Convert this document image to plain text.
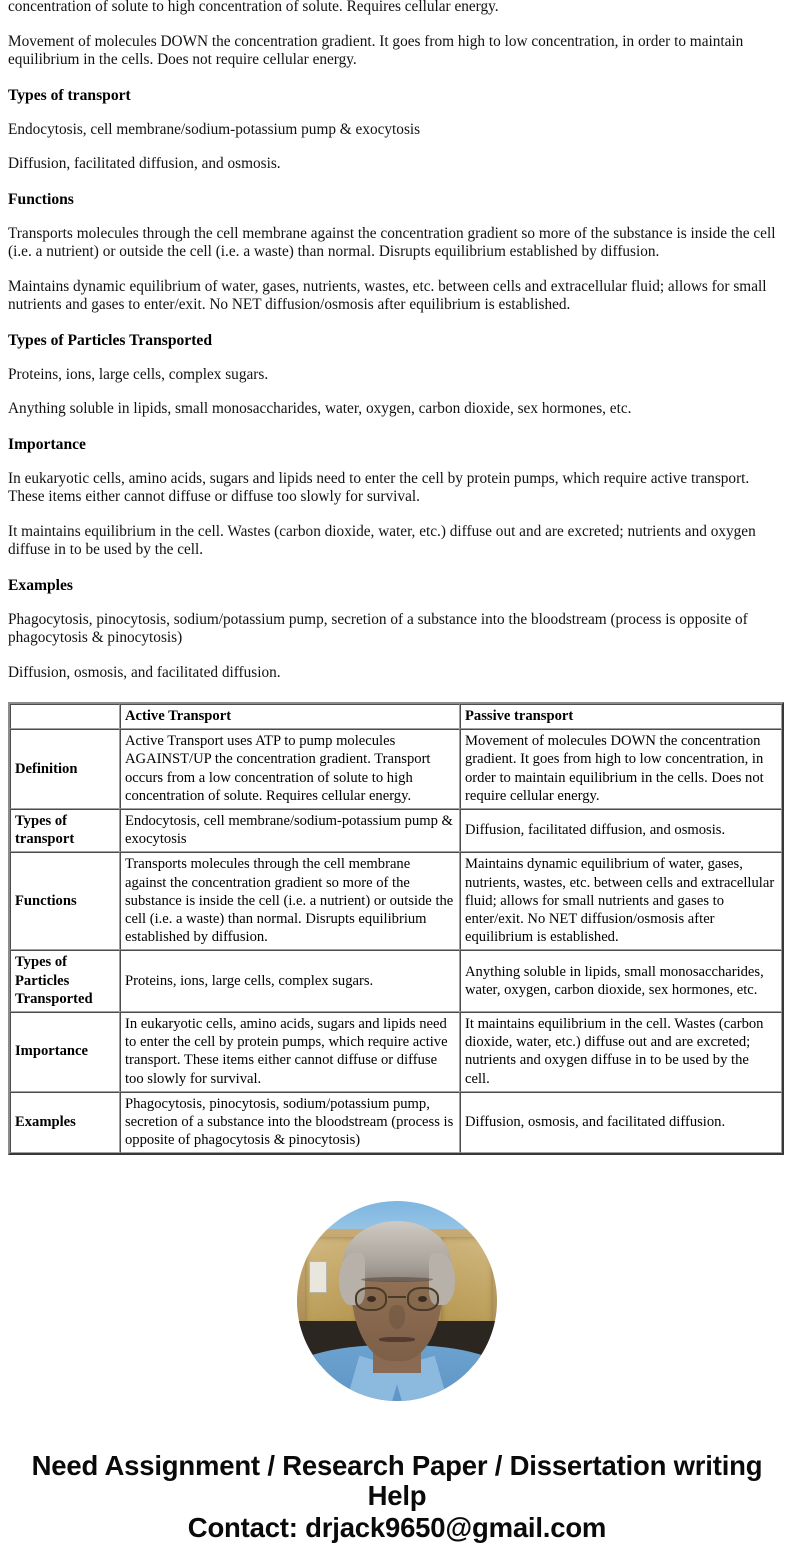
concentration of solute to high concentration of solute. Requires cellular energy.

Movement of molecules DOWN the concentration gradient. It goes from high to low concentration, in order to maintain equilibrium in the cells. Does not require cellular energy.

Types of transport

Endocytosis, cell membrane/sodium-potassium pump & exocytosis

Diffusion, facilitated diffusion, and osmosis.

Functions

Transports molecules through the cell membrane against the concentration gradient so more of the substance is inside the cell (i.e. a nutrient) or outside the cell (i.e. a waste) than normal. Disrupts equilibrium established by diffusion.

Maintains dynamic equilibrium of water, gases, nutrients, wastes, etc. between cells and extracellular fluid; allows for small nutrients and gases to enter/exit. No NET diffusion/osmosis after equilibrium is established.

Types of Particles Transported

Proteins, ions, large cells, complex sugars.

Anything soluble in lipids, small monosaccharides, water, oxygen, carbon dioxide, sex hormones, etc.

Importance

In eukaryotic cells, amino acids, sugars and lipids need to enter the cell by protein pumps, which require active transport. These items either cannot diffuse or diffuse too slowly for survival.

It maintains equilibrium in the cell. Wastes (carbon dioxide, water, etc.) diffuse out and are excreted; nutrients and oxygen diffuse in to be used by the cell.

Examples

Phagocytosis, pinocytosis, sodium/potassium pump, secretion of a substance into the bloodstream (process is opposite of phagocytosis & pinocytosis)

Diffusion, osmosis, and facilitated diffusion.

	Active Transport	Passive transport
Definition	Active Transport uses ATP to pump molecules AGAINST/UP the concentration gradient. Transport occurs from a low concentration of solute to high concentration of solute. Requires cellular energy.	Movement of molecules DOWN the concentration gradient. It goes from high to low concentration, in order to maintain equilibrium in the cells. Does not require cellular energy.
Types of transport	Endocytosis, cell membrane/sodium-potassium pump & exocytosis	Diffusion, facilitated diffusion, and osmosis.
Functions	Transports molecules through the cell membrane against the concentration gradient so more of the substance is inside the cell (i.e. a nutrient) or outside the cell (i.e. a waste) than normal. Disrupts equilibrium established by diffusion.	Maintains dynamic equilibrium of water, gases, nutrients, wastes, etc. between cells and extracellular fluid; allows for small nutrients and gases to enter/exit. No NET diffusion/osmosis after equilibrium is established.
Types of Particles Transported	Proteins, ions, large cells, complex sugars.	Anything soluble in lipids, small monosaccharides, water, oxygen, carbon dioxide, sex hormones, etc.
Importance	In eukaryotic cells, amino acids, sugars and lipids need to enter the cell by protein pumps, which require active transport. These items either cannot diffuse or diffuse too slowly for survival.	It maintains equilibrium in the cell. Wastes (carbon dioxide, water, etc.) diffuse out and are excreted; nutrients and oxygen diffuse in to be used by the cell.
Examples	Phagocytosis, pinocytosis, sodium/potassium pump, secretion of a substance into the bloodstream (process is opposite of phagocytosis & pinocytosis)	Diffusion, osmosis, and facilitated diffusion.
Need Assignment / Research Paper / Dissertation writing Help
Contact: drjack9650@gmail.com
